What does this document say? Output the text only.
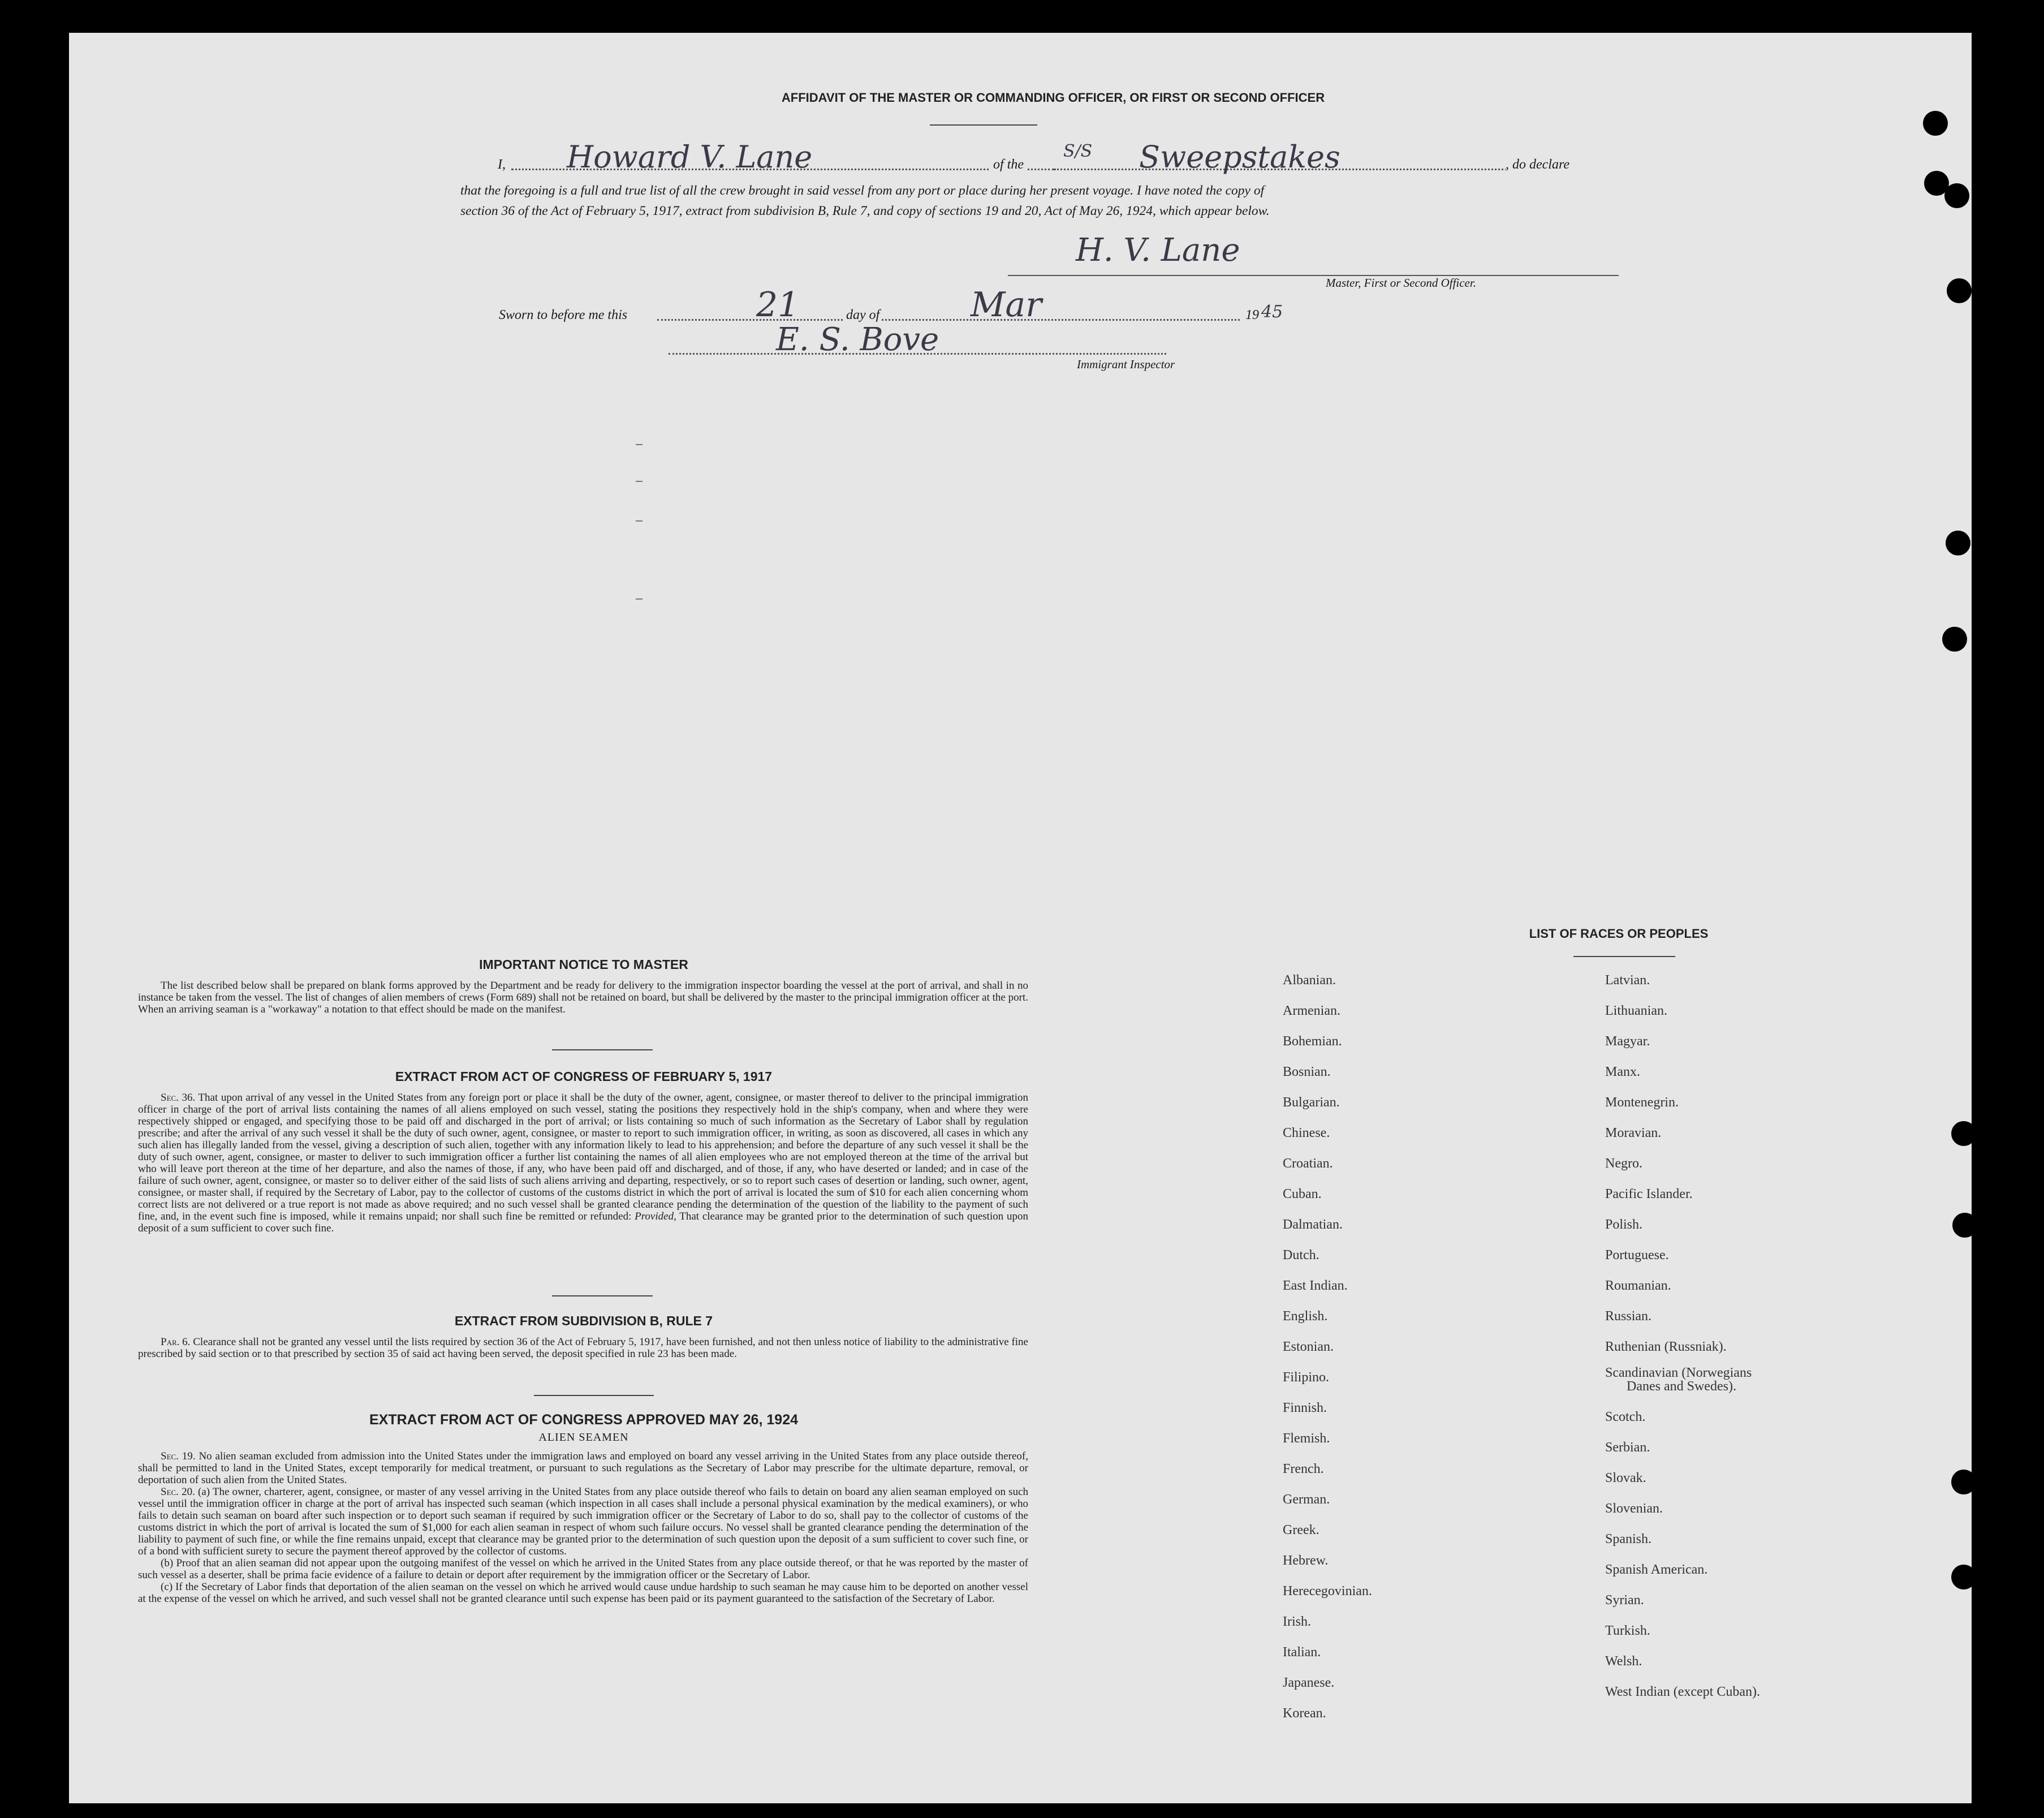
AFFIDAVIT OF THE MASTER OR COMMANDING OFFICER, OR FIRST OR SECOND OFFICER
I, Howard V. Lane	of the
S/S Sweepstakes	, do declare
that the foregoing is a full and true list of all the crew brought in said vessel from any port or place during her present voyage. I have noted the copy of
section 36 of the Act of February 5, 1917, extract from subdivision B, Rule 7, and copy of sections 19 and 20, Act of May 26, 1924, which appear below.
H. V. Lane
Master, First or Second Officer.
Sworn to before me this	21	day of	Mar	19 45
E. S. Bove
Immigrant Inspector
IMPORTANT NOTICE TO MASTER
The list described below shall be prepared on blank forms approved by the Department and be ready for delivery to the immigration inspector boarding the vessel at the port of arrival, and shall in no instance be taken from the vessel. The list of changes of alien members of crews (Form 689) shall not be retained on board, but shall be delivered by the master to the principal immigration officer at the port. When an arriving seaman is a "workaway" a notation to that effect should be made on the manifest.
EXTRACT FROM ACT OF CONGRESS OF FEBRUARY 5, 1917
Sec. 36. That upon arrival of any vessel in the United States from any foreign port or place it shall be the duty of the owner, agent, consignee, or master thereof to deliver to the principal immigration officer in charge of the port of arrival lists containing the names of all aliens employed on such vessel, stating the positions they respectively hold in the ship's company, when and where they were respectively shipped or engaged, and specifying those to be paid off and discharged in the port of arrival; or lists containing so much of such information as the Secretary of Labor shall by regulation prescribe; and after the arrival of any such vessel it shall be the duty of such owner, agent, consignee, or master to report to such immigration officer, in writing, as soon as discovered, all cases in which any such alien has illegally landed from the vessel, giving a description of such alien, together with any information likely to lead to his apprehension; and before the departure of any such vessel it shall be the duty of such owner, agent, consignee, or master to deliver to such immigration officer a further list containing the names of all alien employees who are not employed thereon at the time of the arrival but who will leave port thereon at the time of her departure, and also the names of those, if any, who have been paid off and discharged, and of those, if any, who have deserted or landed; and in case of the failure of such owner, agent, consignee, or master so to deliver either of the said lists of such aliens arriving and departing, respectively, or so to report such cases of desertion or landing, such owner, agent, consignee, or master shall, if required by the Secretary of Labor, pay to the collector of customs of the customs district in which the port of arrival is located the sum of $10 for each alien concerning whom correct lists are not delivered or a true report is not made as above required; and no such vessel shall be granted clearance pending the determination of the question of the liability to the payment of such fine, and, in the event such fine is imposed, while it remains unpaid; nor shall such fine be remitted or refunded: Provided, That clearance may be granted prior to the determination of such question upon deposit of a sum sufficient to cover such fine.
EXTRACT FROM SUBDIVISION B, RULE 7
Par. 6. Clearance shall not be granted any vessel until the lists required by section 36 of the Act of February 5, 1917, have been furnished, and not then unless notice of liability to the administrative fine prescribed by said section or to that prescribed by section 35 of said act having been served, the deposit specified in rule 23 has been made.
EXTRACT FROM ACT OF CONGRESS APPROVED MAY 26, 1924
ALIEN SEAMEN
Sec. 19. No alien seaman excluded from admission into the United States under the immigration laws and employed on board any vessel arriving in the United States from any place outside thereof, shall be permitted to land in the United States, except temporarily for medical treatment, or pursuant to such regulations as the Secretary of Labor may prescribe for the ultimate departure, removal, or deportation of such alien from the United States.
Sec. 20. (a) The owner, charterer, agent, consignee, or master of any vessel arriving in the United States from any place outside thereof who fails to detain on board any alien seaman employed on such vessel until the immigration officer in charge at the port of arrival has inspected such seaman (which inspection in all cases shall include a personal physical examination by the medical examiners), or who fails to detain such seaman on board after such inspection or to deport such seaman if required by such immigration officer or the Secretary of Labor to do so, shall pay to the collector of customs of the customs district in which the port of arrival is located the sum of $1,000 for each alien seaman in respect of whom such failure occurs. No vessel shall be granted clearance pending the determination of the liability to payment of such fine, or while the fine remains unpaid, except that clearance may be granted prior to the determination of such question upon the deposit of a sum sufficient to cover such fine, or of a bond with sufficient surety to secure the payment thereof approved by the collector of customs.
(b) Proof that an alien seaman did not appear upon the outgoing manifest of the vessel on which he arrived in the United States from any place outside thereof, or that he was reported by the master of such vessel as a deserter, shall be prima facie evidence of a failure to detain or deport after requirement by the immigration officer or the Secretary of Labor.
(c) If the Secretary of Labor finds that deportation of the alien seaman on the vessel on which he arrived would cause undue hardship to such seaman he may cause him to be deported on another vessel at the expense of the vessel on which he arrived, and such vessel shall not be granted clearance until such expense has been paid or its payment guaranteed to the satisfaction of the Secretary of Labor.
LIST OF RACES OR PEOPLES
Albanian.
Armenian.
Bohemian.
Bosnian.
Bulgarian.
Chinese.
Croatian.
Cuban.
Dalmatian.
Dutch.
East Indian.
English.
Estonian.
Filipino.
Finnish.
Flemish.
French.
German.
Greek.
Hebrew.
Herecegovinian.
Irish.
Italian.
Japanese.
Korean.
Latvian.
Lithuanian.
Magyar.
Manx.
Montenegrin.
Moravian.
Negro.
Pacific Islander.
Polish.
Portuguese.
Roumanian.
Russian.
Ruthenian (Russniak).
Scandinavian (Norwegians
Danes and Swedes).
Scotch.
Serbian.
Slovak.
Slovenian.
Spanish.
Spanish American.
Syrian.
Turkish.
Welsh.
West Indian (except Cuban).
